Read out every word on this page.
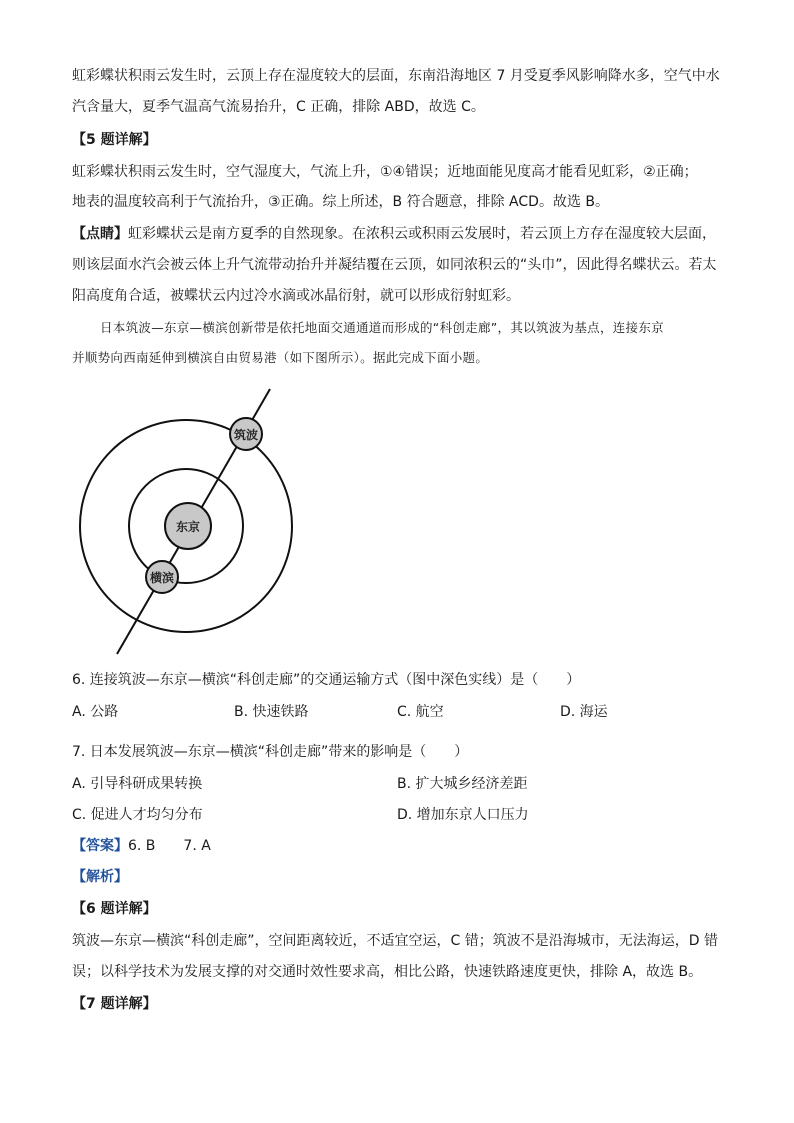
虹彩蝶状积雨云发生时，云顶上存在湿度较大的层面，东南沿海地区 7 月受夏季风影响降水多，空气中水
汽含量大，夏季气温高气流易抬升，C 正确，排除 ABD，故选 C。
【5 题详解】
虹彩蝶状积雨云发生时，空气湿度大，气流上升，①④错误；近地面能见度高才能看见虹彩，②正确；
地表的温度较高利于气流抬升，③正确。综上所述，B 符合题意，排除 ACD。故选 B。
【点睛】虹彩蝶状云是南方夏季的自然现象。在浓积云或积雨云发展时，若云顶上方存在湿度较大层面，
则该层面水汽会被云体上升气流带动抬升并凝结覆在云顶，如同浓积云的“头巾”，因此得名蝶状云。若太
阳高度角合适，被蝶状云内过冷水滴或冰晶衍射，就可以形成衍射虹彩。
日本筑波—东京—横滨创新带是依托地面交通通道而形成的“科创走廊”，其以筑波为基点，连接东京
并顺势向西南延伸到横滨自由贸易港（如下图所示）。据此完成下面小题。
东京
筑波
横滨
6. 连接筑波—东京—横滨“科创走廊”的交通运输方式（图中深色实线）是（　　）
A. 公路	B. 快速铁路	C. 航空	D. 海运
7. 日本发展筑波—东京—横滨“科创走廊”带来的影响是（　　）
A. 引导科研成果转换	B. 扩大城乡经济差距
C. 促进人才均匀分布	D. 增加东京人口压力
【答案】6. B　　7. A
【解析】
【6 题详解】
筑波—东京—横滨“科创走廊”，空间距离较近，不适宜空运，C 错；筑波不是沿海城市，无法海运，D 错
误；以科学技术为发展支撑的对交通时效性要求高，相比公路，快速铁路速度更快，排除 A，故选 B。
【7 题详解】
